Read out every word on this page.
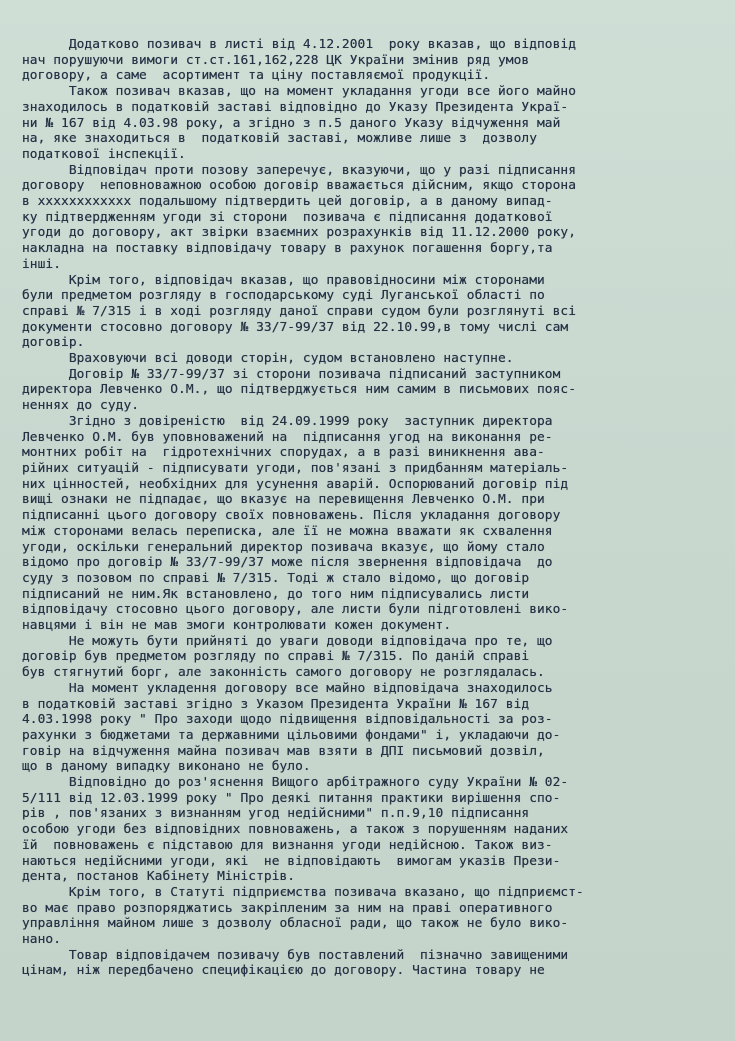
Додатково позивач в листі від 4.12.2001  року вказав, що відповід
нач порушуючи вимоги ст.ст.161,162,228 ЦК України змінив ряд умов
договору, а саме  асортимент та ціну поставляємої продукції.
Також позивач вказав, що на момент укладання угоди все його майно
знаходилось в податковій заставі відповідно до Указу Президента Украї-
ни № 167 від 4.03.98 року, а згідно з п.5 даного Указу відчуження май
на, яке знаходиться в  податковій заставі, можливе лише з  дозволу
податкової інспекції.
Відповідач проти позову заперечує, вказуючи, що у разі підписання
договору  неповноважною особою договір вважається дійсним, якщо сторона
в xxxxxxxxxxxx подальшому підтвердить цей договір, а в даному випад-
ку підтвердженням угоди зі сторони  позивача є підписання додаткової
угоди до договору, акт звірки взаємних розрахунків від 11.12.2000 року,
накладна на поставку відповідачу товару в рахунок погашення боргу,та
інші.
Крім того, відповідач вказав, що правовідносини між сторонами
були предметом розгляду в господарському суді Луганської області по
справі № 7/315 і в ході розгляду даної справи судом були розглянуті всі
документи стосовно договору № 33/7-99/37 від 22.10.99,в тому числі сам
договір.
Враховуючи всі доводи сторін, судом встановлено наступне.
Договір № 33/7-99/37 зі сторони позивача підписаний заступником
директора Левченко О.М., що підтверджується ним самим в письмових пояс-
неннях до суду.
Згідно з довіреністю  від 24.09.1999 року  заступник директора
Левченко О.М. був уповноважений на  підписання угод на виконання ре-
монтних робіт на  гідротехнічних спорудах, а в разі виникнення ава-
рійних ситуацій - підписувати угоди, пов'язані з придбанням матеріаль-
них цінностей, необхідних для усунення аварій. Оспорюваний договір під
вищі ознаки не підпадає, що вказує на перевищення Левченко О.М. при
підписанні цього договору своїх повноважень. Після укладання договору
між сторонами велась переписка, але її не можна вважати як схвалення
угоди, оскільки генеральний директор позивача вказує, що йому стало
відомо про договір № 33/7-99/37 може після звернення відповідача  до
суду з позовом по справі № 7/315. Тоді ж стало відомо, що договір
підписаний не ним.Як встановлено, до того ним підписувались листи
відповідачу стосовно цього договору, але листи були підготовлені вико-
навцями і він не мав змоги контролювати кожен документ.
Не можуть бути прийняті до уваги доводи відповідача про те, що
договір був предметом розгляду по справі № 7/315. По даній справі
був стягнутий борг, але законність самого договору не розглядалась.
На момент укладення договору все майно відповідача знаходилось
в податковій заставі згідно з Указом Президента України № 167 від
4.03.1998 року " Про заходи щодо підвищення відповідальності за роз-
рахунки з бюджетами та державними цільовими фондами" і, укладаючи до-
говір на відчуження майна позивач мав взяти в ДПІ письмовий дозвіл,
що в даному випадку виконано не було.
Відповідно до роз'яснення Вищого арбітражного суду України № 02-
5/111 від 12.03.1999 року " Про деякі питання практики вирішення спо-
рів , пов'язаних з визнанням угод недійсними" п.п.9,10 підписання
особою угоди без відповідних повноважень, а також з порушенням наданих
їй  повноважень є підставою для визнання угоди недійсною. Також виз-
наються недійсними угоди, які  не відповідають  вимогам указів Прези-
дента, постанов Кабінету Міністрів.
Крім того, в Статуті підприємства позивача вказано, що підприємст-
во має право розпоряджатись закріпленим за ним на праві оперативного
управління майном лише з дозволу обласної ради, що також не було вико-
нано.
Товар відповідачем позивачу був поставлений  пізначно завищеними
цінам, ніж передбачено специфікацією до договору. Частина товару не
